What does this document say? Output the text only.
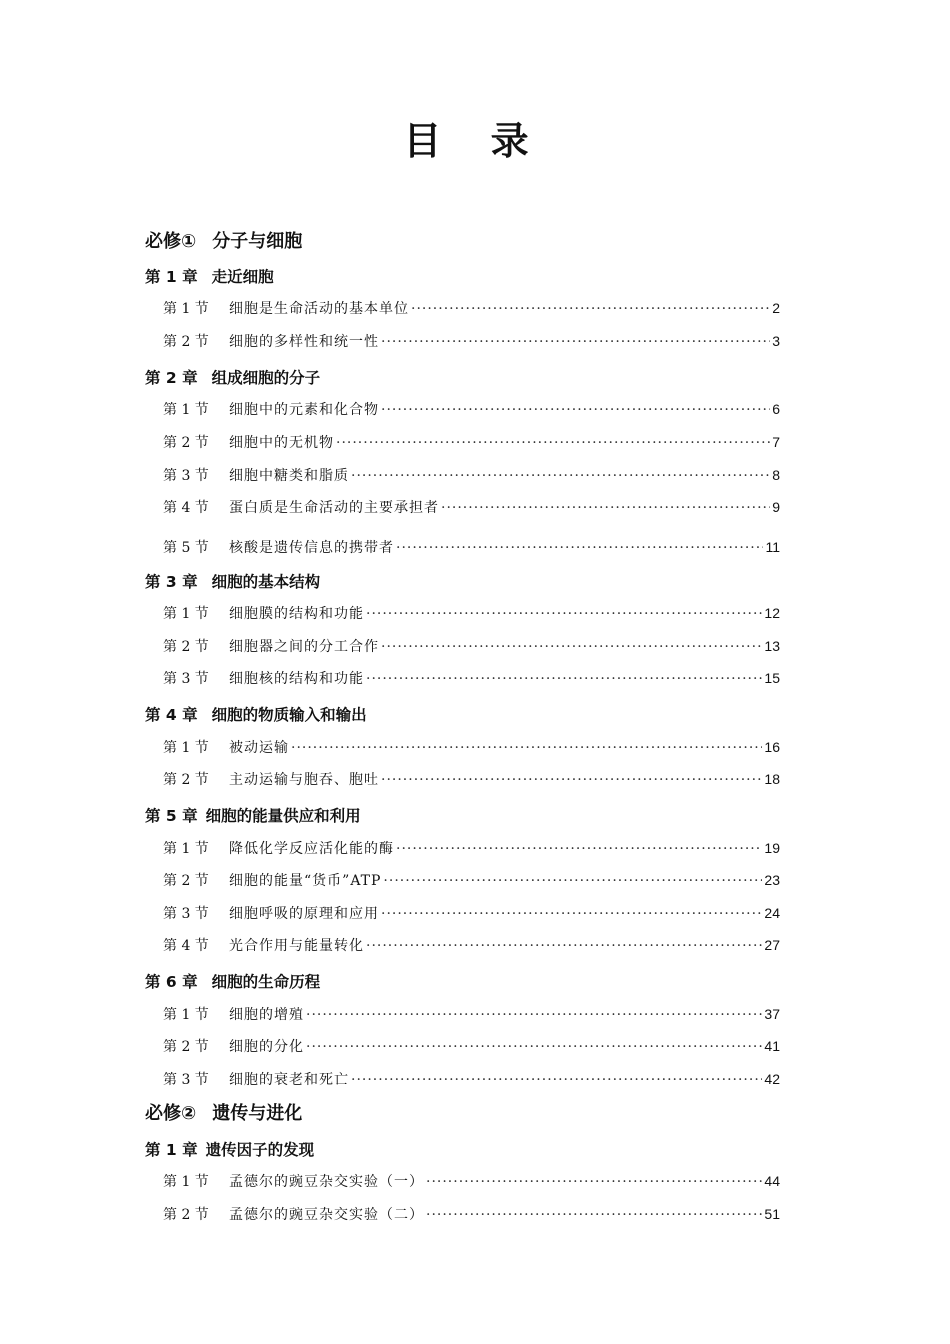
目 录
必修① 分子与细胞
第 1 章 走近细胞
第 1 节	细胞是生命活动的基本单位 ·····	2
第 2 节	细胞的多样性和统一性 ·····	3
第 2 章 组成细胞的分子
第 1 节	细胞中的元素和化合物 ·····	6
第 2 节	细胞中的无机物 ·····	7
第 3 节	细胞中糖类和脂质 ·····	8
第 4 节	蛋白质是生命活动的主要承担者 ·····	9
第 5 节	核酸是遗传信息的携带者 ·····	11
第 3 章 细胞的基本结构
第 1 节	细胞膜的结构和功能 ·····	12
第 2 节	细胞器之间的分工合作 ·····	13
第 3 节	细胞核的结构和功能 ·····	15
第 4 章 细胞的物质输入和输出
第 1 节	被动运输 ·····	16
第 2 节	主动运输与胞吞、胞吐 ·····	18
第 5 章 细胞的能量供应和利用
第 1 节	降低化学反应活化能的酶 ·····	19
第 2 节	细胞的能量“货币”ATP ·····	23
第 3 节	细胞呼吸的原理和应用 ·····	24
第 4 节	光合作用与能量转化 ·····	27
第 6 章 细胞的生命历程
第 1 节	细胞的增殖 ·····	37
第 2 节	细胞的分化 ·····	41
第 3 节	细胞的衰老和死亡 ·····	42
必修② 遗传与进化
第 1 章 遗传因子的发现
第 1 节	孟德尔的豌豆杂交实验（一） ·····	44
第 2 节	孟德尔的豌豆杂交实验（二） ·····	51
